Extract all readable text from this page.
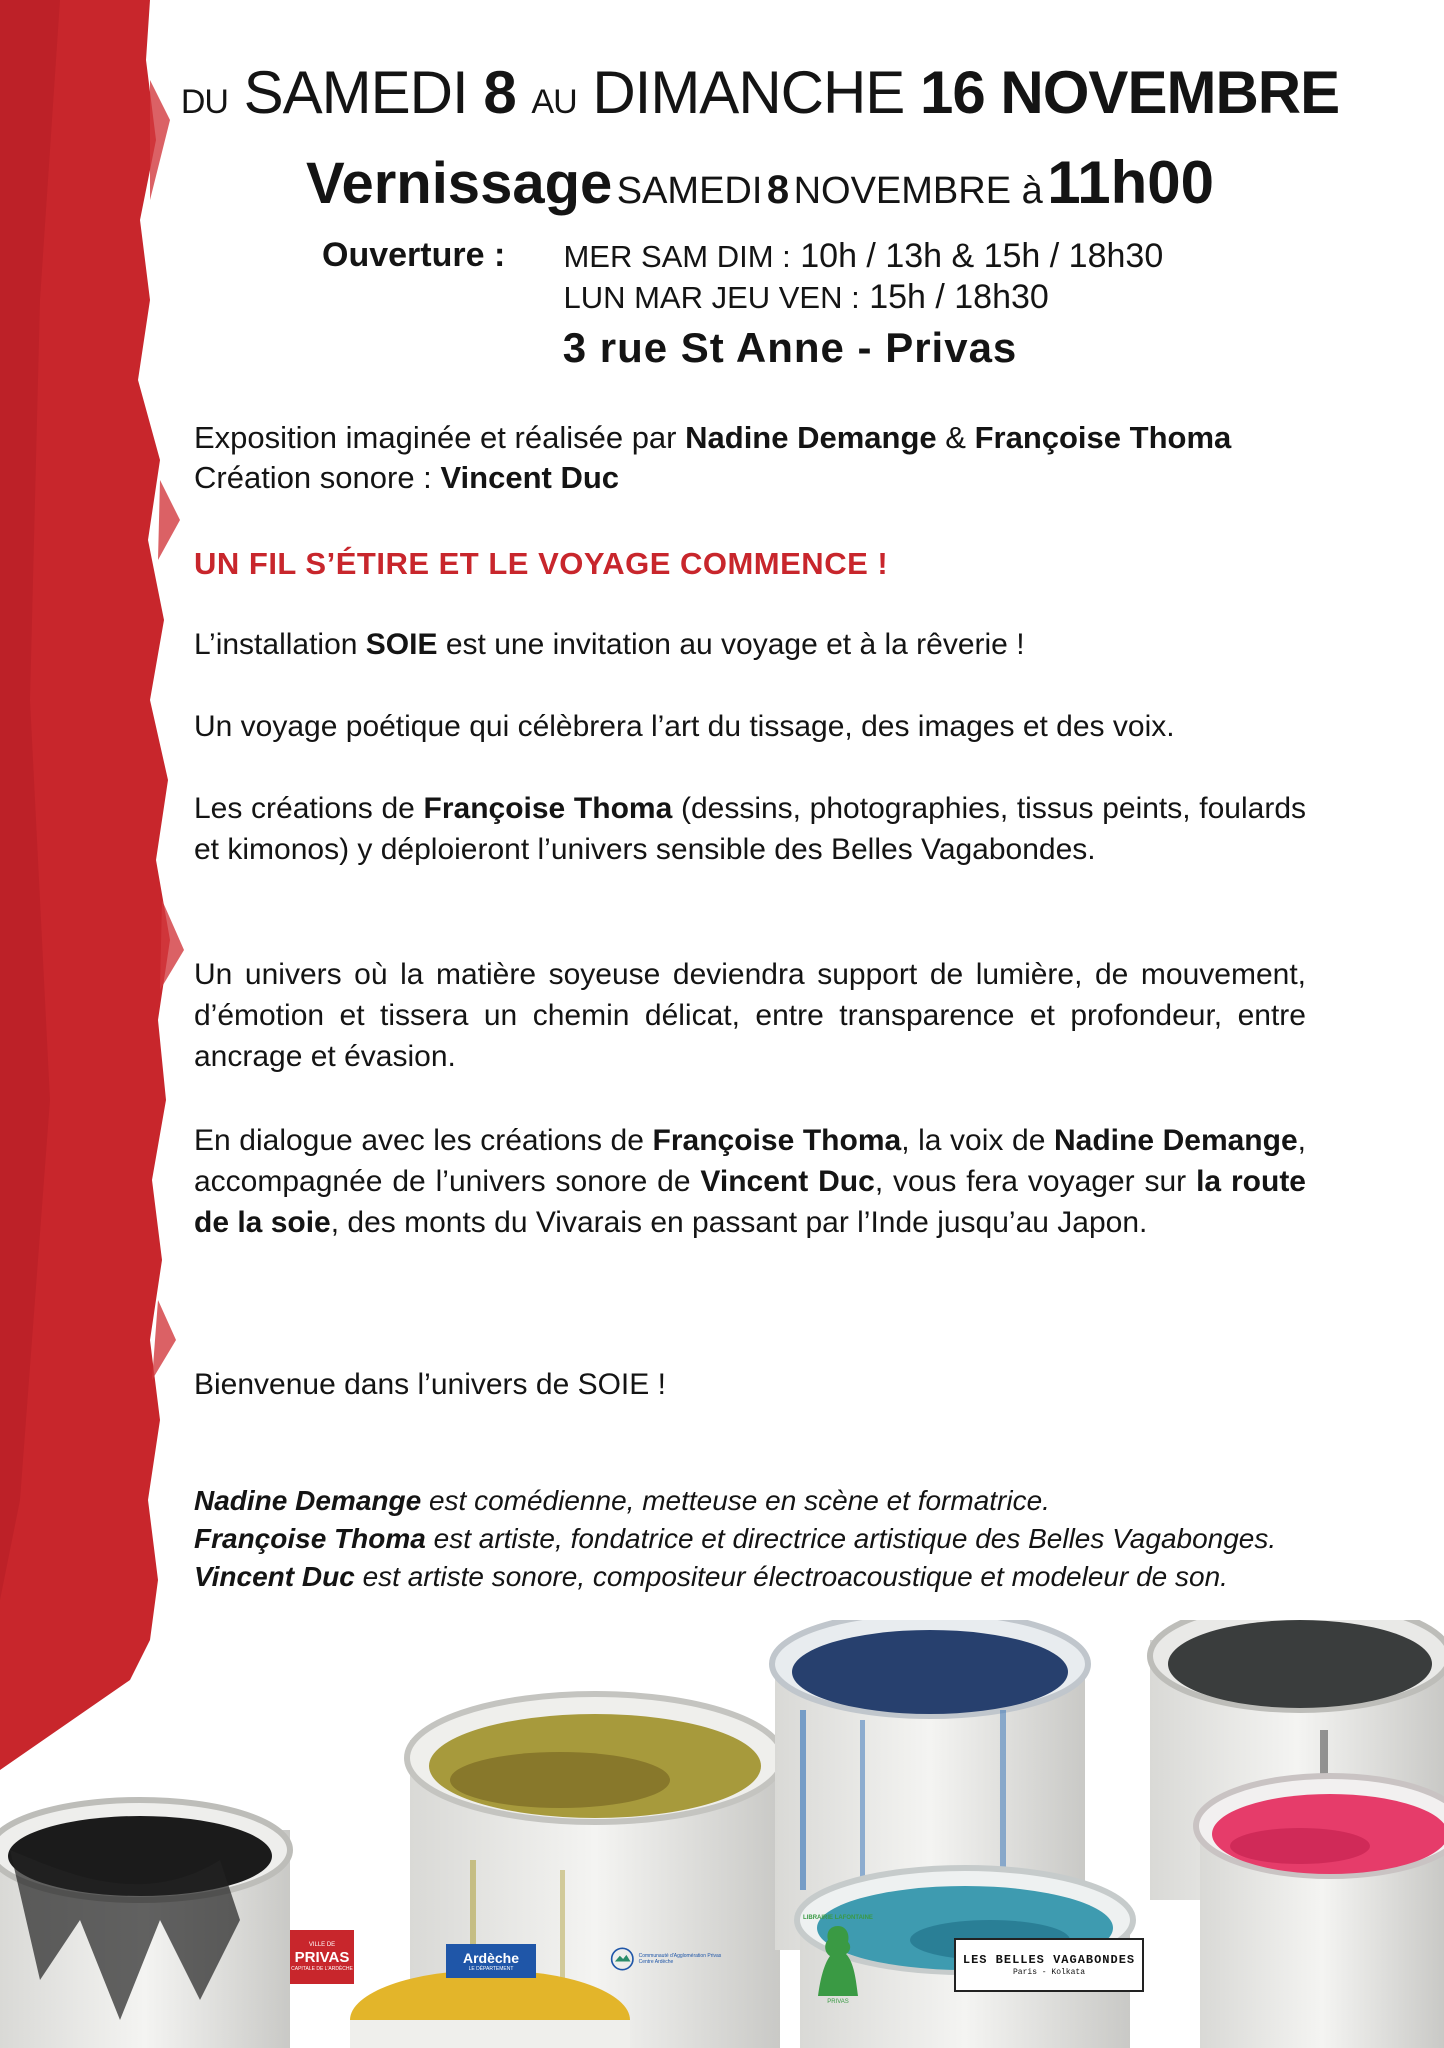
DU SAMEDI 8 AU DIMANCHE 16 NOVEMBRE
Vernissage SAMEDI 8 NOVEMBRE à 11h00
Ouverture : MER SAM DIM : 10h / 13h & 15h / 18h30
LUN MAR JEU VEN : 15h / 18h30
3 rue St Anne - Privas
Exposition imaginée et réalisée par Nadine Demange & Françoise Thoma
Création sonore : Vincent Duc
UN FIL S’ÉTIRE ET LE VOYAGE COMMENCE !
L’installation SOIE est une invitation au voyage et à la rêverie !
Un voyage poétique qui célèbrera l’art du tissage, des images et des voix.
Les créations de Françoise Thoma (dessins, photographies, tissus peints, foulards et kimonos) y déploieront l’univers sensible des Belles Vagabondes.
Un univers où la matière soyeuse deviendra support de lumière, de mouvement, d’émotion et tissera un chemin délicat, entre transparence et profondeur, entre ancrage et évasion.
En dialogue avec les créations de Françoise Thoma, la voix de Nadine Demange, accompagnée de l’univers sonore de Vincent Duc, vous fera voyager sur la route de la soie, des monts du Vivarais en passant par l’Inde jusqu’au Japon.
Bienvenue dans l’univers de SOIE !
Nadine Demange est comédienne, metteuse en scène et formatrice.
Françoise Thoma est artiste, fondatrice et directrice artistique des Belles Vagabonges.
Vincent Duc est artiste sonore, compositeur électroacoustique et modeleur de son.
VILLE DE
PRIVAS
CAPITALE DE L'ARDÈCHE
Ardèche
LE DÉPARTEMENT
Communauté d'Agglomération Privas Centre Ardèche
LIBRAIRIE LAFONTAINE
PRIVAS
LES BELLES VAGABONDES
Paris - Kolkata
